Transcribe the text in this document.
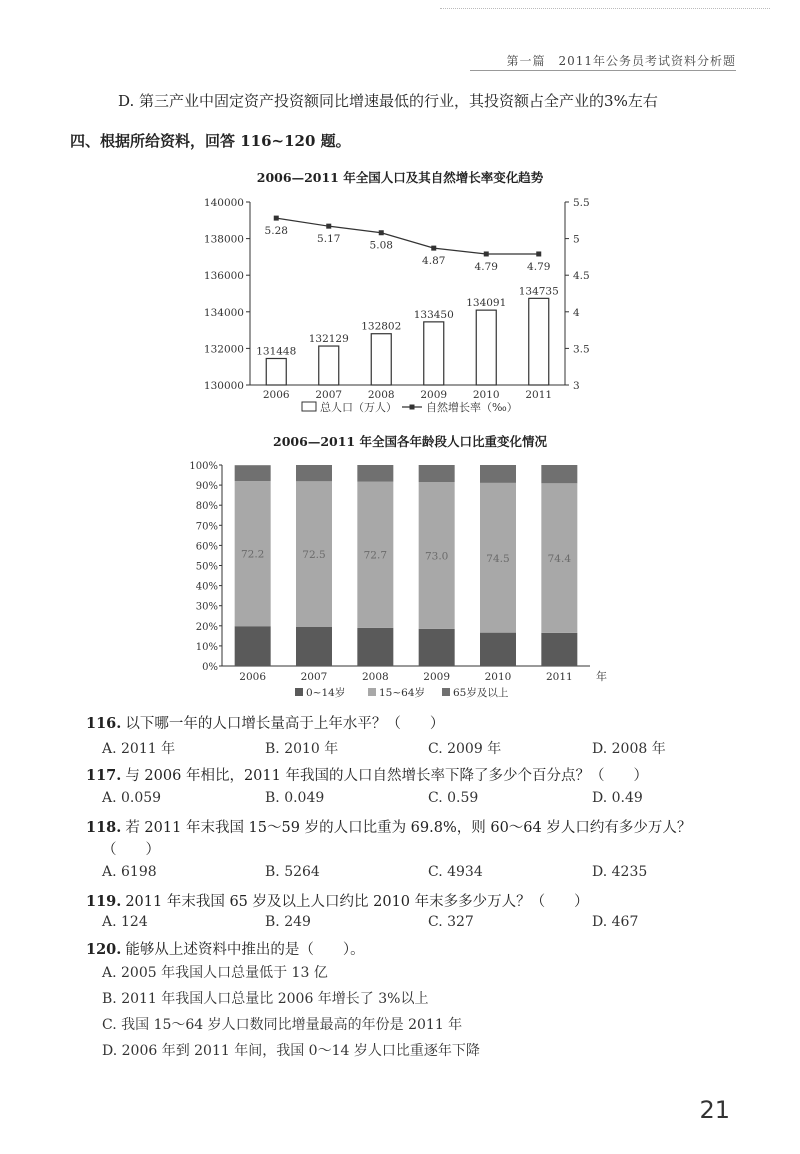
第一篇　2011年公务员考试资料分析题
D. 第三产业中固定资产投资额同比增速最低的行业，其投资额占全产业的3%左右
四、根据所给资料，回答 116~120 题。
2006—2011 年全国人口及其自然增长率变化趋势
130000
132000
134000
136000
138000
140000
3
3.5
4
4.5
5
5.5
131448
2006
132129
2007
132802
2008
133450
2009
134091
2010
134735
2011
5.28
5.17
5.08
4.87	4.79	4.79
总人口（万人）	自然增长率（‰）
2006—2011 年全国各年龄段人口比重变化情况
0%
10%
20%
30%
40%
50%
60%
70%
80%
90%
100%
72.2
2006
72.5
2007
72.7
2008
73.0
2009
74.5
2010
74.4
2011 年
0~14岁	15~64岁	65岁及以上
116. 以下哪一年的人口增长量高于上年水平？（　　）
A. 2011 年	B. 2010 年	C. 2009 年	D. 2008 年
117. 与 2006 年相比，2011 年我国的人口自然增长率下降了多少个百分点？（　　）
A. 0.059	B. 0.049	C. 0.59	D. 0.49
118. 若 2011 年末我国 15～59 岁的人口比重为 69.8%，则 60～64 岁人口约有多少万人？
（　　）
A. 6198	B. 5264	C. 4934	D. 4235
119. 2011 年末我国 65 岁及以上人口约比 2010 年末多多少万人？（　　）
A. 124	B. 249	C. 327	D. 467
120. 能够从上述资料中推出的是（　　）。
A. 2005 年我国人口总量低于 13 亿
B. 2011 年我国人口总量比 2006 年增长了 3%以上
C. 我国 15～64 岁人口数同比增量最高的年份是 2011 年
D. 2006 年到 2011 年间，我国 0～14 岁人口比重逐年下降
21
